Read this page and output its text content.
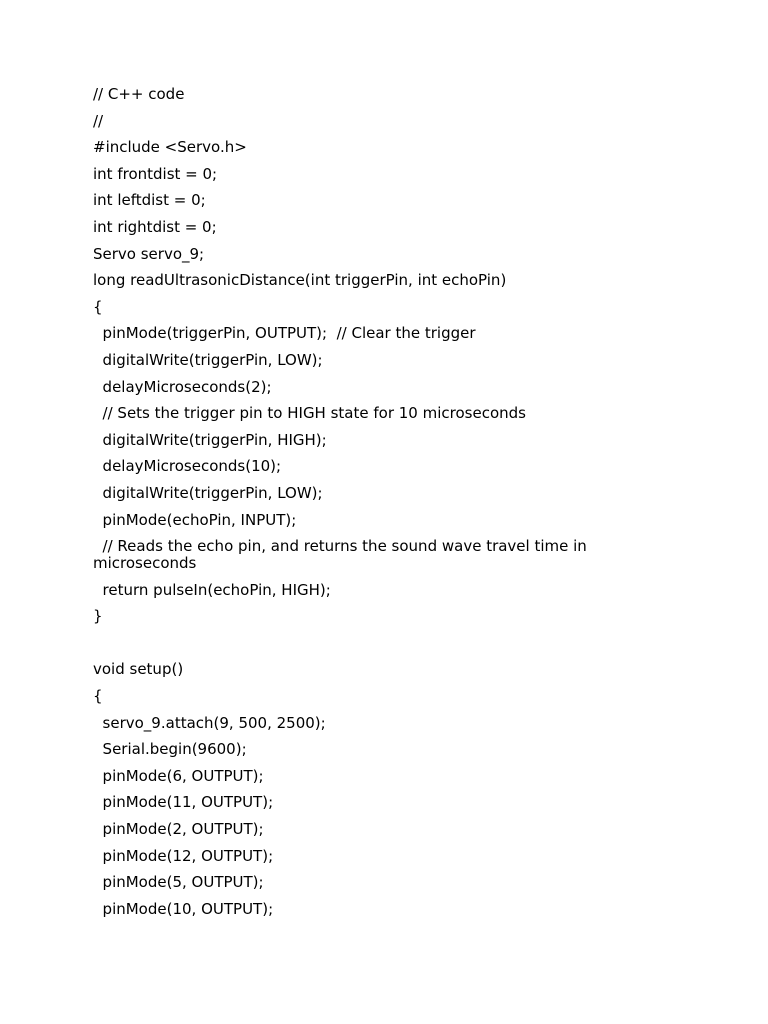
// C++ code
//
#include <Servo.h>
int frontdist = 0;
int leftdist = 0;
int rightdist = 0;
Servo servo_9;
long readUltrasonicDistance(int triggerPin, int echoPin)
{
pinMode(triggerPin, OUTPUT);  // Clear the trigger
digitalWrite(triggerPin, LOW);
delayMicroseconds(2);
// Sets the trigger pin to HIGH state for 10 microseconds
digitalWrite(triggerPin, HIGH);
delayMicroseconds(10);
digitalWrite(triggerPin, LOW);
pinMode(echoPin, INPUT);
// Reads the echo pin, and returns the sound wave travel time in microseconds
return pulseIn(echoPin, HIGH);
}
void setup()
{
servo_9.attach(9, 500, 2500);
Serial.begin(9600);
pinMode(6, OUTPUT);
pinMode(11, OUTPUT);
pinMode(2, OUTPUT);
pinMode(12, OUTPUT);
pinMode(5, OUTPUT);
pinMode(10, OUTPUT);
